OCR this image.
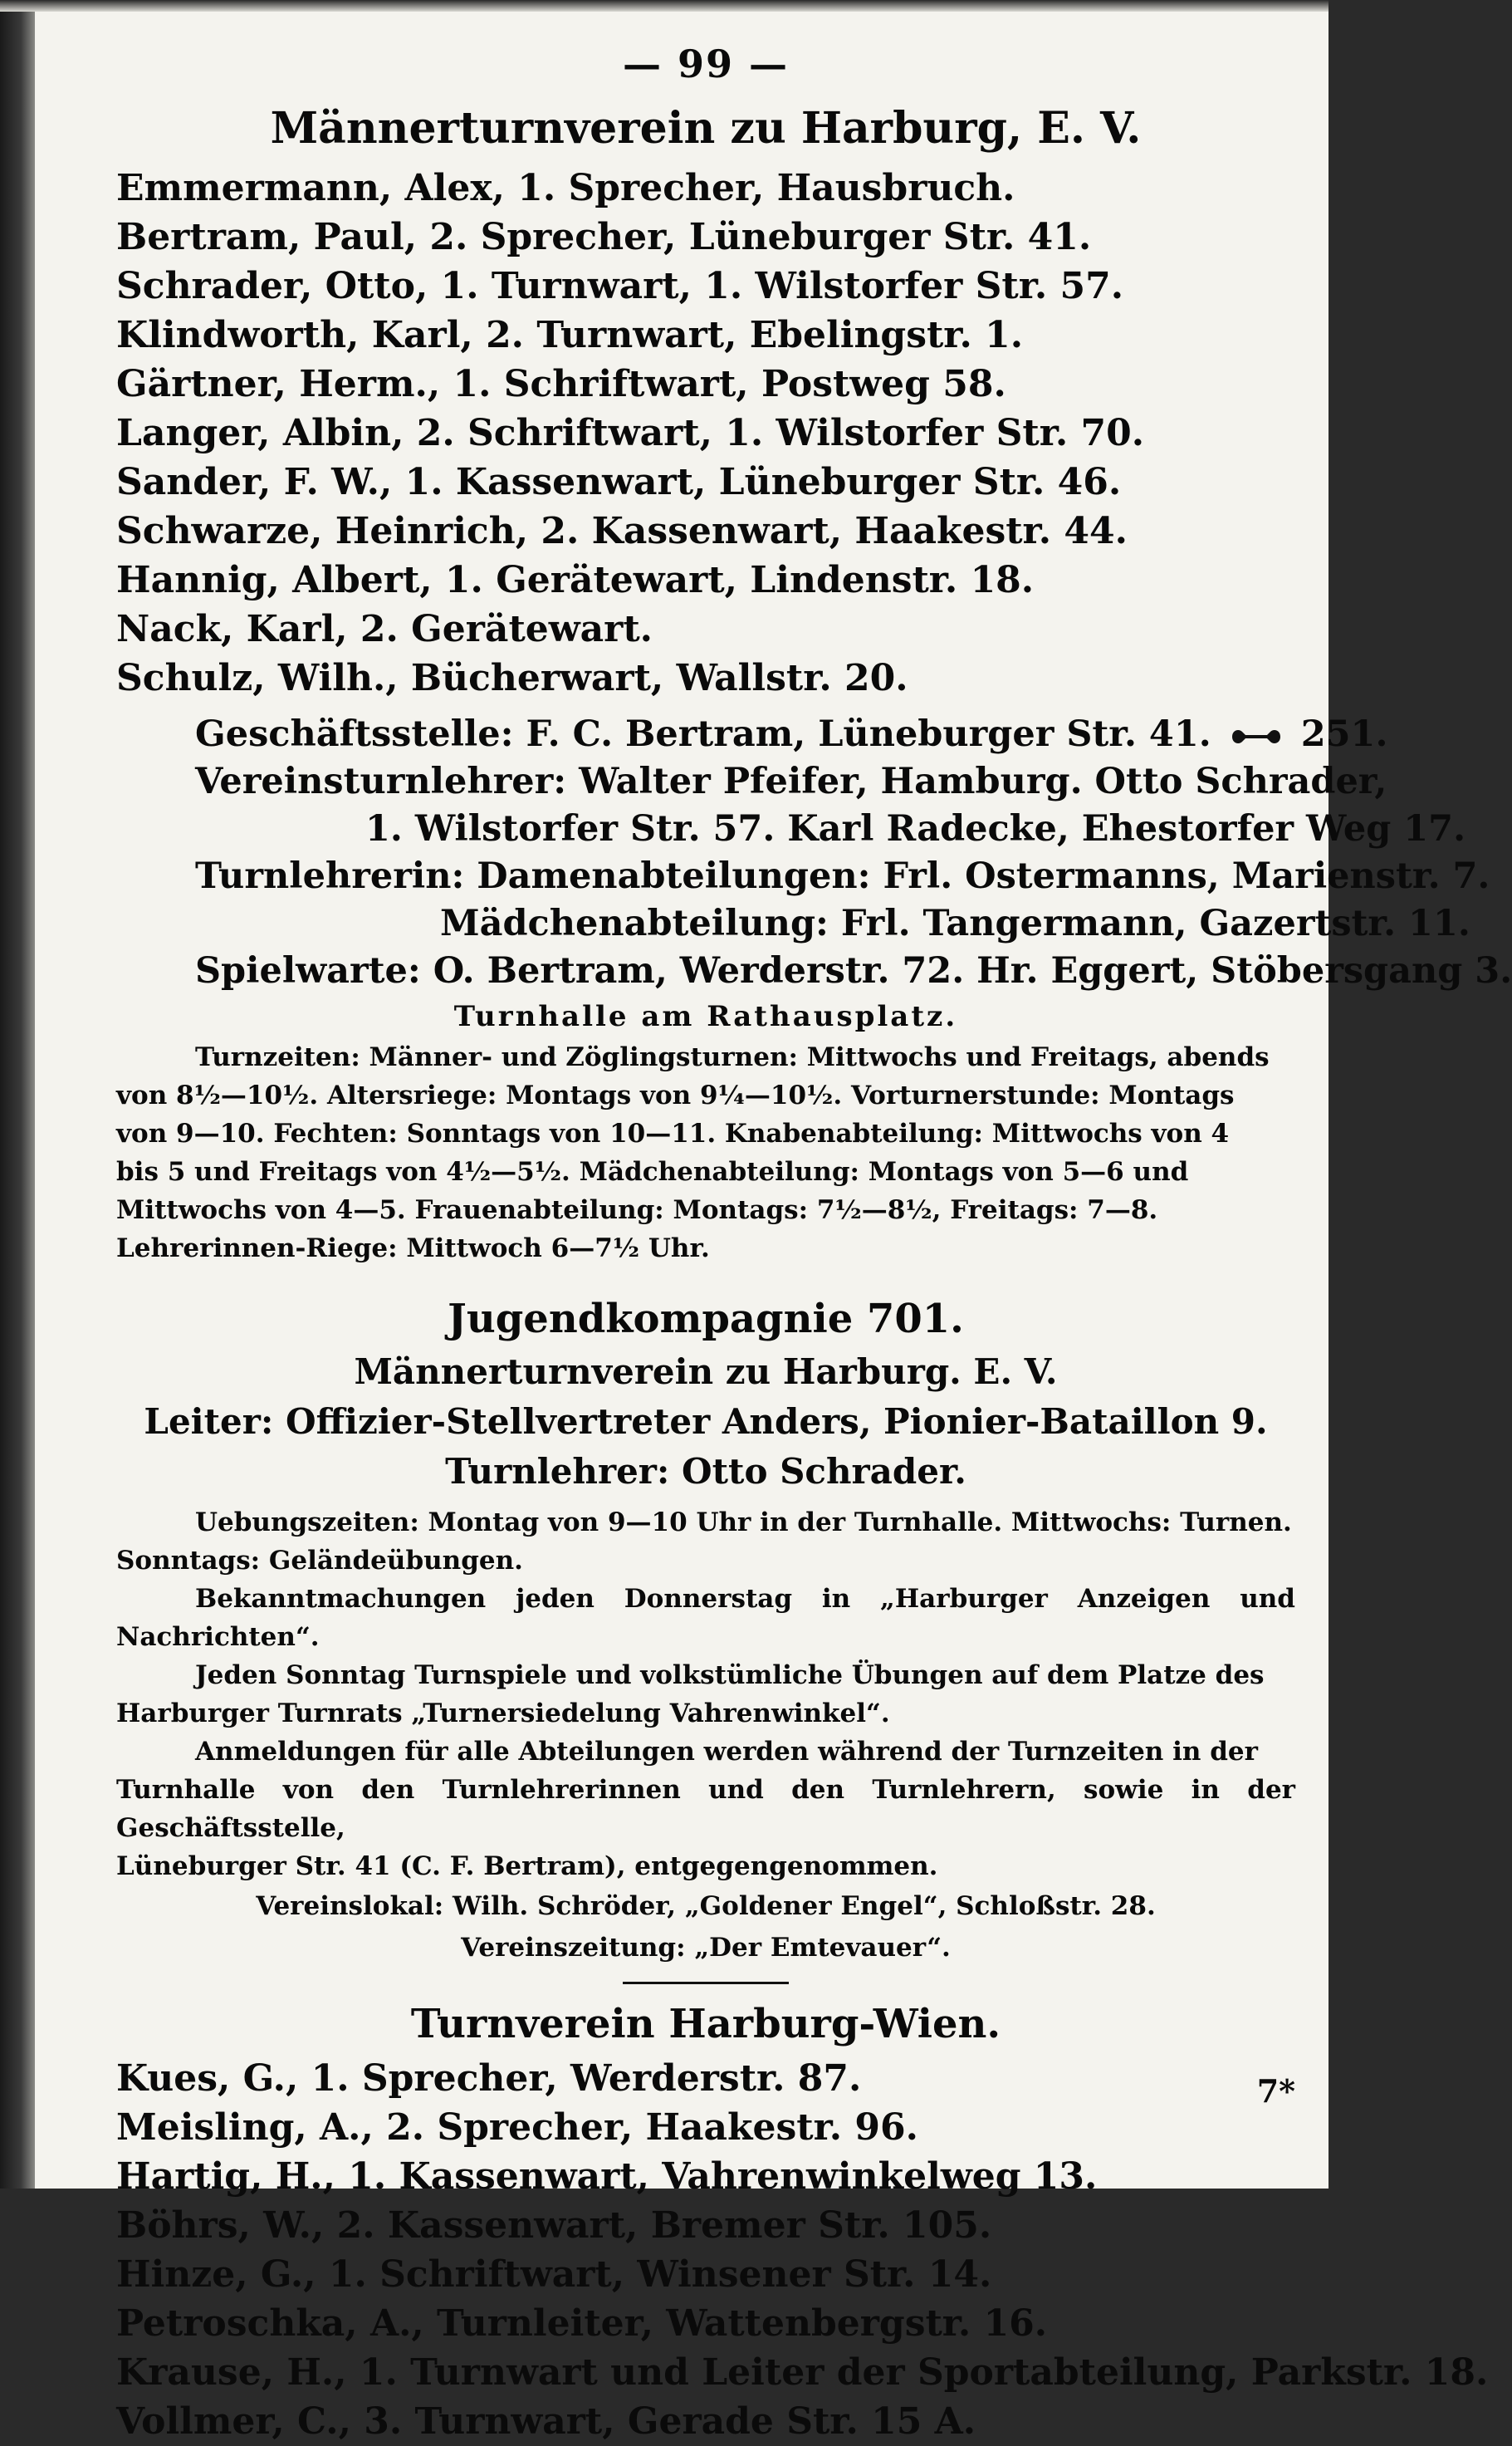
— 99 —
Männerturnverein zu Harburg, E. V.
Emmermann, Alex, 1. Sprecher, Hausbruch.
Bertram, Paul, 2. Sprecher, Lüneburger Str. 41.
Schrader, Otto, 1. Turnwart, 1. Wilstorfer Str. 57.
Klindworth, Karl, 2. Turnwart, Ebelingstr. 1.
Gärtner, Herm., 1. Schriftwart, Postweg 58.
Langer, Albin, 2. Schriftwart, 1. Wilstorfer Str. 70.
Sander, F. W., 1. Kassenwart, Lüneburger Str. 46.
Schwarze, Heinrich, 2. Kassenwart, Haakestr. 44.
Hannig, Albert, 1. Gerätewart, Lindenstr. 18.
Nack, Karl, 2. Gerätewart.
Schulz, Wilh., Bücherwart, Wallstr. 20.
Geschäftsstelle: F. C. Bertram, Lüneburger Str. 41.	251.
Vereinsturnlehrer: Walter Pfeifer, Hamburg. Otto Schrader,
1. Wilstorfer Str. 57. Karl Radecke, Ehestorfer Weg 17.
Turnlehrerin: Damenabteilungen: Frl. Ostermanns, Marienstr. 7.
Mädchenabteilung: Frl. Tangermann, Gazertstr. 11.
Spielwarte: O. Bertram, Werderstr. 72. Hr. Eggert, Stöbersgang 3.
Turnhalle am Rathausplatz.
Turnzeiten: Männer- und Zöglingsturnen: Mittwochs und Freitags, abends
von 8½—10½. Altersriege: Montags von 9¼—10½. Vorturnerstunde: Montags
von 9—10. Fechten: Sonntags von 10—11. Knabenabteilung: Mittwochs von 4
bis 5 und Freitags von 4½—5½. Mädchenabteilung: Montags von 5—6 und
Mittwochs von 4—5. Frauenabteilung: Montags: 7½—8½, Freitags: 7—8.
Lehrerinnen-Riege: Mittwoch 6—7½ Uhr.
Jugendkompagnie 701.
Männerturnverein zu Harburg. E. V.
Leiter: Offizier-Stellvertreter Anders, Pionier-Bataillon 9.
Turnlehrer: Otto Schrader.
Uebungszeiten: Montag von 9—10 Uhr in der Turnhalle. Mittwochs: Turnen.
Sonntags: Geländeübungen.
Bekanntmachungen jeden Donnerstag in „Harburger Anzeigen und Nachrichten“.
Jeden Sonntag Turnspiele und volkstümliche Übungen auf dem Platze des
Harburger Turnrats „Turnersiedelung Vahrenwinkel“.
Anmeldungen für alle Abteilungen werden während der Turnzeiten in der
Turnhalle von den Turnlehrerinnen und den Turnlehrern, sowie in der Geschäftsstelle,
Lüneburger Str. 41 (C. F. Bertram), entgegengenommen.
Vereinslokal: Wilh. Schröder, „Goldener Engel“, Schloßstr. 28.
Vereinszeitung: „Der Emtevauer“.
Turnverein Harburg-Wien.
Kues, G., 1. Sprecher, Werderstr. 87.
Meisling, A., 2. Sprecher, Haakestr. 96.
Hartig, H., 1. Kassenwart, Vahrenwinkelweg 13.
Böhrs, W., 2. Kassenwart, Bremer Str. 105.
Hinze, G., 1. Schriftwart, Winsener Str. 14.
Petroschka, A., Turnleiter, Wattenbergstr. 16.
Krause, H., 1. Turnwart und Leiter der Sportabteilung, Parkstr. 18.
Vollmer, C., 3. Turnwart, Gerade Str. 15 A.
7*
